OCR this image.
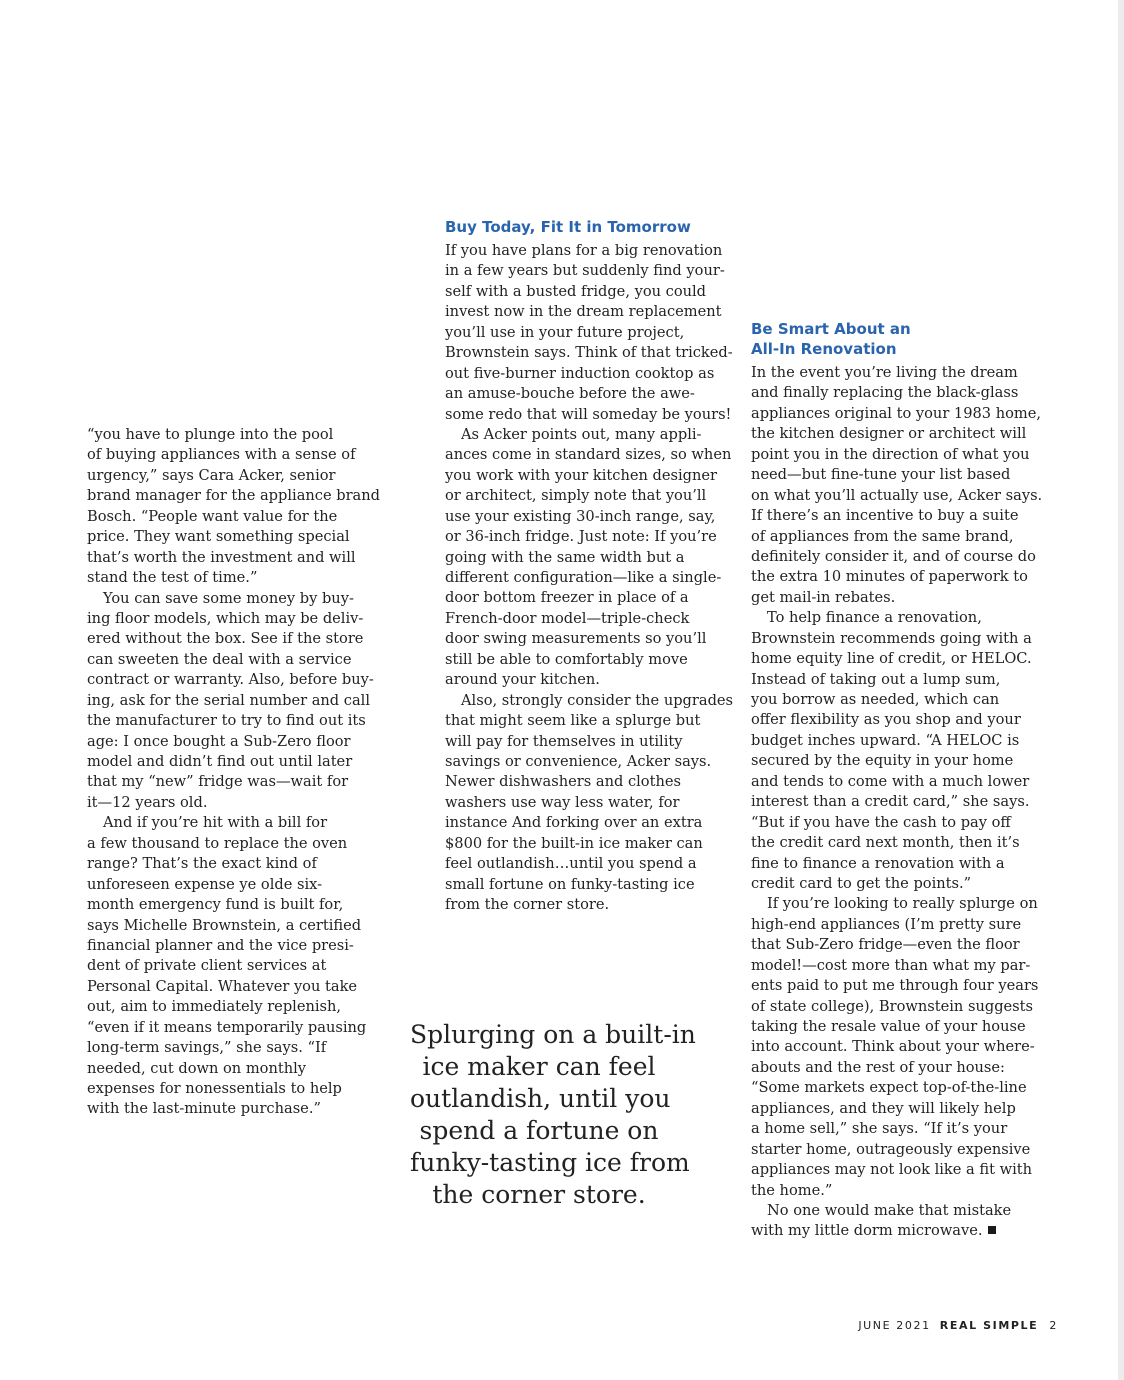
Buy Today, Fit It in Tomorrow
Be Smart About an
All-In Renovation
“you have to plunge into the pool
of buying appliances with a sense of
urgency,” says Cara Acker, senior
brand manager for the appliance brand
Bosch. “People want value for the
price. They want something special
that’s worth the investment and will
stand the test of time.”
You can save some money by buy-
ing floor models, which may be deliv-
ered without the box. See if the store
can sweeten the deal with a service
contract or warranty. Also, before buy-
ing, ask for the serial number and call
the manufacturer to try to find out its
age: I once bought a Sub-Zero floor
model and didn’t find out until later
that my “new” fridge was—wait for
it—12 years old.
And if you’re hit with a bill for
a few thousand to replace the oven
range? That’s the exact kind of
unforeseen expense ye olde six-
month emergency fund is built for,
says Michelle Brownstein, a certified
financial planner and the vice presi-
dent of private client services at
Personal Capital. Whatever you take
out, aim to immediately replenish,
“even if it means temporarily pausing
long-term savings,” she says. “If
needed, cut down on monthly
expenses for nonessentials to help
with the last-minute purchase.”
If you have plans for a big renovation
in a few years but suddenly find your-
self with a busted fridge, you could
invest now in the dream replacement
you’ll use in your future project,
Brownstein says. Think of that tricked-
out five-burner induction cooktop as
an amuse-bouche before the awe-
some redo that will someday be yours!
As Acker points out, many appli-
ances come in standard sizes, so when
you work with your kitchen designer
or architect, simply note that you’ll
use your existing 30-inch range, say,
or 36-inch fridge. Just note: If you’re
going with the same width but a
different configuration—like a single-
door bottom freezer in place of a
French-door model—triple-check
door swing measurements so you’ll
still be able to comfortably move
around your kitchen.
Also, strongly consider the upgrades
that might seem like a splurge but
will pay for themselves in utility
savings or convenience, Acker says.
Newer dishwashers and clothes
washers use way less water, for
instance And forking over an extra
$800 for the built-in ice maker can
feel outlandish…until you spend a
small fortune on funky-tasting ice
from the corner store.
In the event you’re living the dream
and finally replacing the black-glass
appliances original to your 1983 home,
the kitchen designer or architect will
point you in the direction of what you
need—but fine-tune your list based
on what you’ll actually use, Acker says.
If there’s an incentive to buy a suite
of appliances from the same brand,
definitely consider it, and of course do
the extra 10 minutes of paperwork to
get mail-in rebates.
To help finance a renovation,
Brownstein recommends going with a
home equity line of credit, or HELOC.
Instead of taking out a lump sum,
you borrow as needed, which can
offer flexibility as you shop and your
budget inches upward. “A HELOC is
secured by the equity in your home
and tends to come with a much lower
interest than a credit card,” she says.
“But if you have the cash to pay off
the credit card next month, then it’s
fine to finance a renovation with a
credit card to get the points.”
If you’re looking to really splurge on
high-end appliances (I’m pretty sure
that Sub-Zero fridge—even the floor
model!—cost more than what my par-
ents paid to put me through four years
of state college), Brownstein suggests
taking the resale value of your house
into account. Think about your where-
abouts and the rest of your house:
“Some markets expect top-of-the-line
appliances, and they will likely help
a home sell,” she says. “If it’s your
starter home, outrageously expensive
appliances may not look like a fit with
the home.”
No one would make that mistake
with my little dorm microwave.
Splurging on a built-in
ice maker can feel
outlandish, until you
spend a fortune on
funky-tasting ice from
the corner store.
JUNE 2021 REAL SIMPLE 2
